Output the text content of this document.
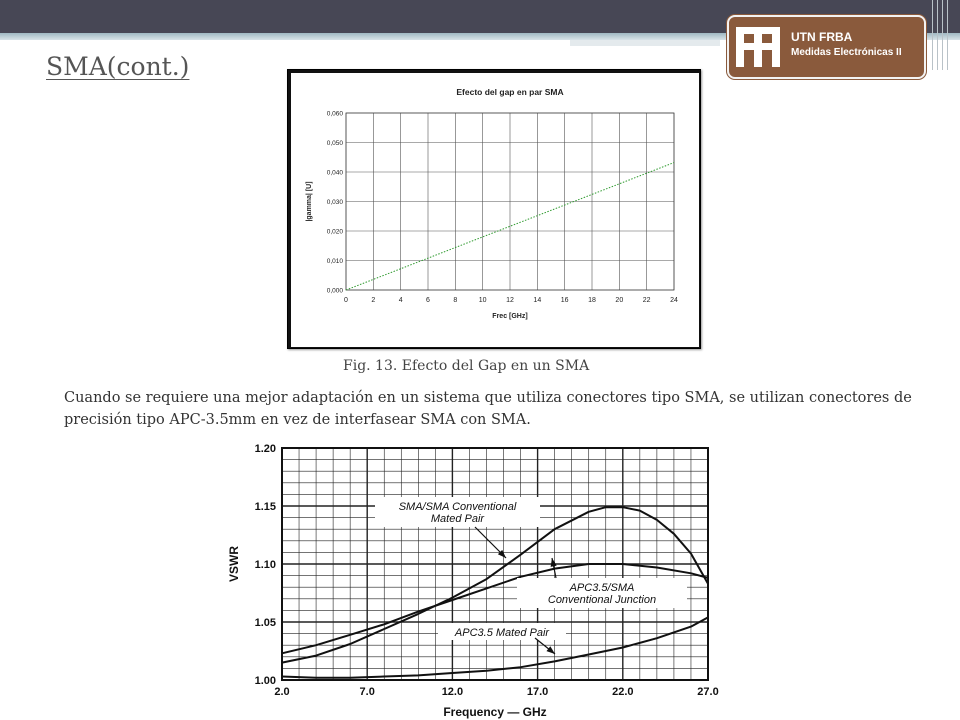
UTN FRBA
Medidas Electrónicas II
SMA(cont.)
Efecto del gap en par SMA
0	2	4	6	8	10	12	14	16	18	20	22	24
0,000
0,010
0,020
0,030
0,040
0,050
0,060
Frec [GHz]
|gamma| [U]
Fig. 13. Efecto del Gap en un SMA
Cuando se requiere una mejor adaptación en un sistema que utiliza conectores tipo SMA, se utilizan conectores de precisión tipo APC-3.5mm en vez de interfasear SMA con SMA.
2.0	7.0	12.0	17.0	22.0	27.0
1.00
1.05
1.10
1.15
1.20
Frequency — GHz
VSWR
SMA/SMA Conventional
Mated Pair
APC3.5/SMA
Conventional Junction
APC3.5 Mated Pair
